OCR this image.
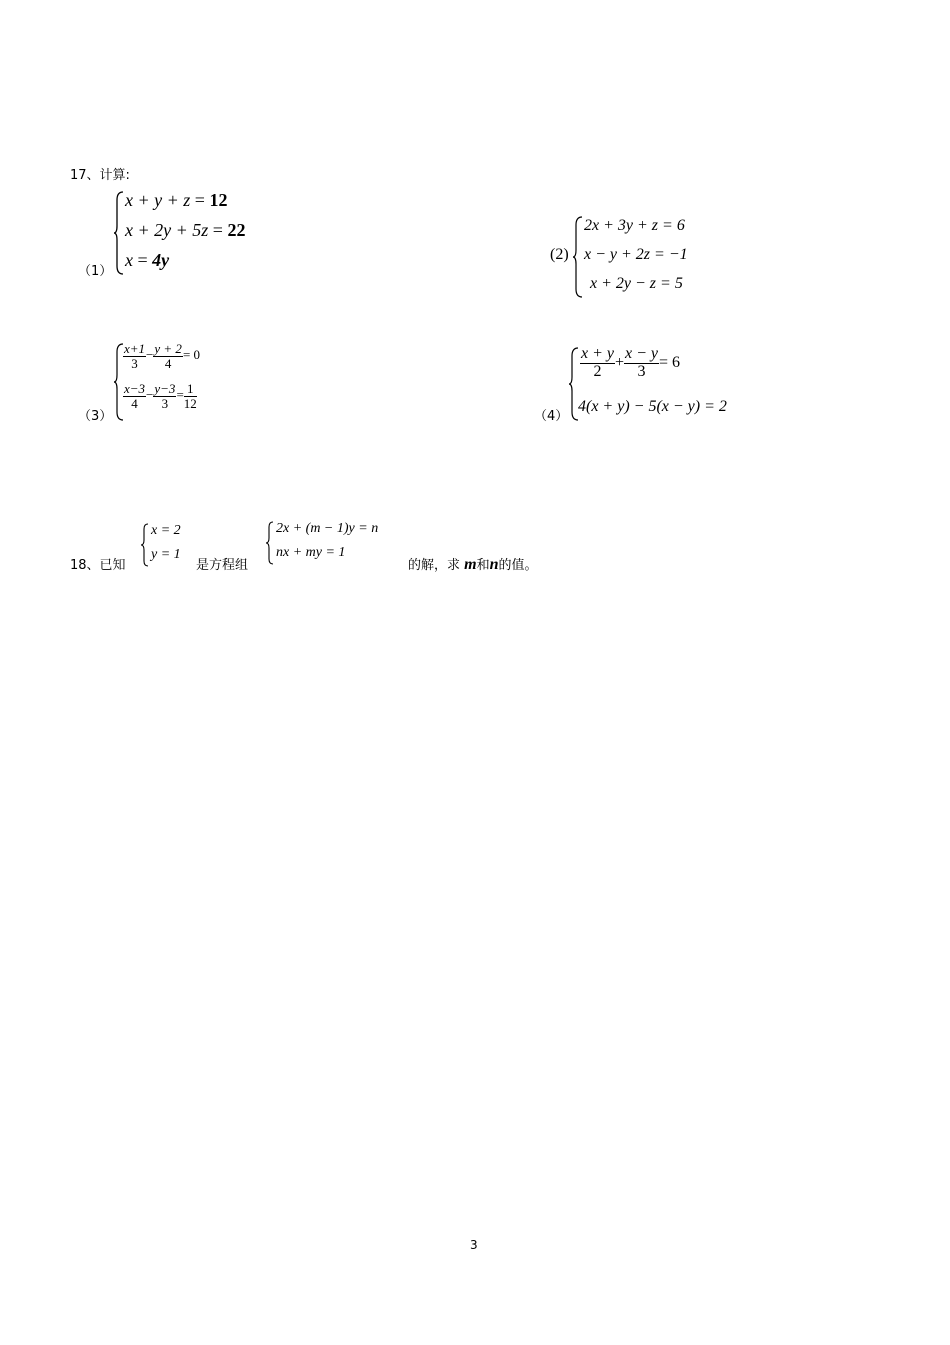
17、计算:
（1）
x + y + z = 12
x + 2y + 5z = 22
x = 4y	(2)
2x + 3y + z = 6
x − y + 2z = −1
x + 2y − z = 5
（3）
$\frac{x+1}{3} - \frac{y + 2}{4} = 0$
$\frac{x-3}{4} - \frac{y-3}{3} = \frac{1}{12}$
（4）
$\frac{x + y}{2} + \frac{x - y}{3} = 6$
4(x + y) − 5(x − y) = 2
18、已知
x = 2
y = 1
是方程组
2x + (m − 1)y = n
nx + my = 1
的解，求 m和n的值。
3
